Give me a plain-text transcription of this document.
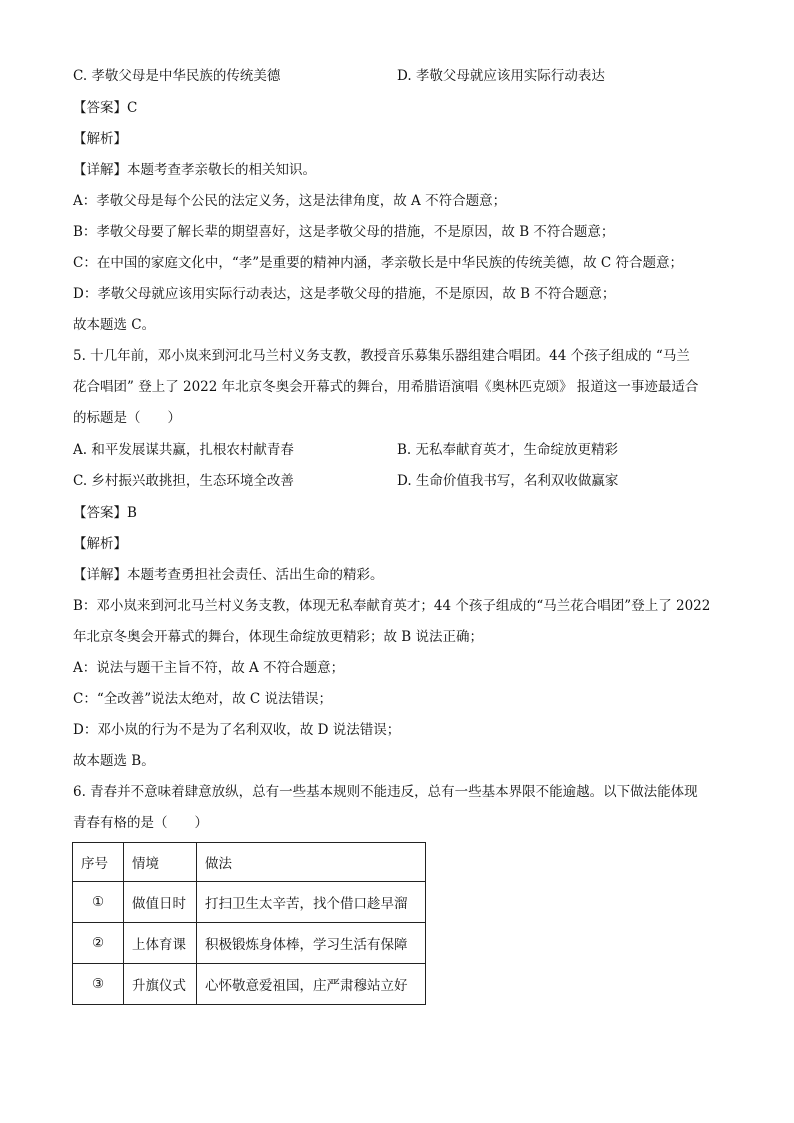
C. 孝敬父母是中华民族的传统美德	D. 孝敬父母就应该用实际行动表达
【答案】C
【解析】
【详解】本题考查孝亲敬长的相关知识。
A：孝敬父母是每个公民的法定义务，这是法律角度，故 A 不符合题意；
B：孝敬父母要了解长辈的期望喜好，这是孝敬父母的措施，不是原因，故 B 不符合题意；
C：在中国的家庭文化中，“孝”是重要的精神内涵，孝亲敬长是中华民族的传统美德，故 C 符合题意；
D：孝敬父母就应该用实际行动表达，这是孝敬父母的措施，不是原因，故 B 不符合题意；
故本题选 C。
5. 十几年前，邓小岚来到河北马兰村义务支教，教授音乐募集乐器组建合唱团。44 个孩子组成的 “马兰
花合唱团” 登上了 2022 年北京冬奥会开幕式的舞台，用希腊语演唱《奥林匹克颂》 报道这一事迹最适合
的标题是（　　）
A. 和平发展谋共赢，扎根农村献青春	B. 无私奉献育英才，生命绽放更精彩
C. 乡村振兴敢挑担，生态环境全改善	D. 生命价值我书写，名利双收做赢家
【答案】B
【解析】
【详解】本题考查勇担社会责任、活出生命的精彩。
B：邓小岚来到河北马兰村义务支教，体现无私奉献育英才；44 个孩子组成的“马兰花合唱团”登上了 2022
年北京冬奥会开幕式的舞台，体现生命绽放更精彩；故 B 说法正确；
A：说法与题干主旨不符，故 A 不符合题意；
C：“全改善”说法太绝对，故 C 说法错误；
D：邓小岚的行为不是为了名利双收，故 D 说法错误；
故本题选 B。
6. 青春并不意味着肆意放纵，总有一些基本规则不能违反，总有一些基本界限不能逾越。以下做法能体现
青春有格的是（　　）
序号	情境	做法
①	做值日时	打扫卫生太辛苦，找个借口趁早溜
②	上体育课	积极锻炼身体棒，学习生活有保障
③	升旗仪式	心怀敬意爱祖国，庄严肃穆站立好
